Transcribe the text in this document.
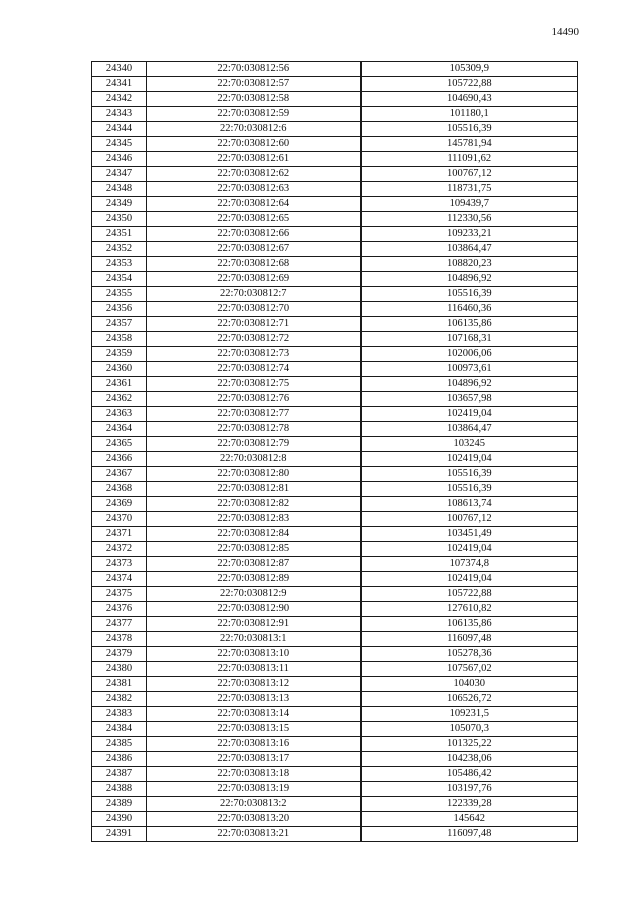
14490
24340	22:70:030812:56	105309,9
24341	22:70:030812:57	105722,88
24342	22:70:030812:58	104690,43
24343	22:70:030812:59	101180,1
24344	22:70:030812:6	105516,39
24345	22:70:030812:60	145781,94
24346	22:70:030812:61	111091,62
24347	22:70:030812:62	100767,12
24348	22:70:030812:63	118731,75
24349	22:70:030812:64	109439,7
24350	22:70:030812:65	112330,56
24351	22:70:030812:66	109233,21
24352	22:70:030812:67	103864,47
24353	22:70:030812:68	108820,23
24354	22:70:030812:69	104896,92
24355	22:70:030812:7	105516,39
24356	22:70:030812:70	116460,36
24357	22:70:030812:71	106135,86
24358	22:70:030812:72	107168,31
24359	22:70:030812:73	102006,06
24360	22:70:030812:74	100973,61
24361	22:70:030812:75	104896,92
24362	22:70:030812:76	103657,98
24363	22:70:030812:77	102419,04
24364	22:70:030812:78	103864,47
24365	22:70:030812:79	103245
24366	22:70:030812:8	102419,04
24367	22:70:030812:80	105516,39
24368	22:70:030812:81	105516,39
24369	22:70:030812:82	108613,74
24370	22:70:030812:83	100767,12
24371	22:70:030812:84	103451,49
24372	22:70:030812:85	102419,04
24373	22:70:030812:87	107374,8
24374	22:70:030812:89	102419,04
24375	22:70:030812:9	105722,88
24376	22:70:030812:90	127610,82
24377	22:70:030812:91	106135,86
24378	22:70:030813:1	116097,48
24379	22:70:030813:10	105278,36
24380	22:70:030813:11	107567,02
24381	22:70:030813:12	104030
24382	22:70:030813:13	106526,72
24383	22:70:030813:14	109231,5
24384	22:70:030813:15	105070,3
24385	22:70:030813:16	101325,22
24386	22:70:030813:17	104238,06
24387	22:70:030813:18	105486,42
24388	22:70:030813:19	103197,76
24389	22:70:030813:2	122339,28
24390	22:70:030813:20	145642
24391	22:70:030813:21	116097,48
